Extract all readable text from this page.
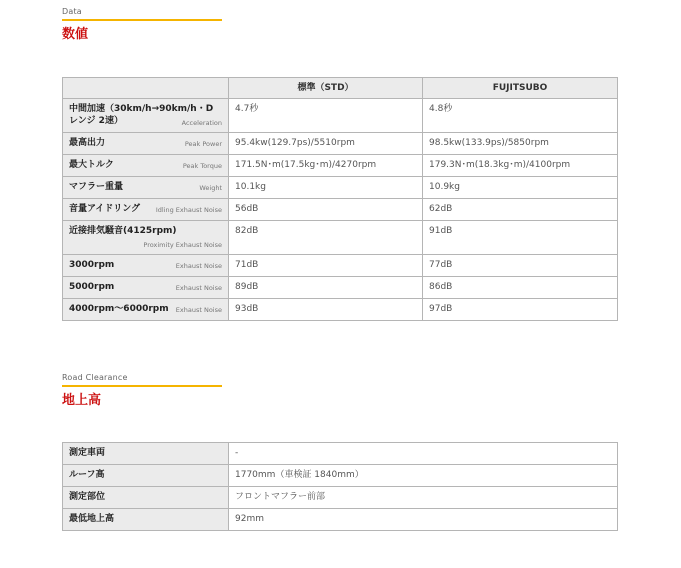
Data
数値
	標準（STD）	FUJITSUBO

中間加速（30km/h→90km/h・Dレンジ 2速） Acceleration	4.7秒	4.8秒

最高出力 Peak Power	95.4kw(129.7ps)/5510rpm	98.5kw(133.9ps)/5850rpm

最大トルク Peak Torque	171.5N･m(17.5kg･m)/4270rpm	179.3N･m(18.3kg･m)/4100rpm

マフラー重量 Weight	10.1kg	10.9kg

音量アイドリング Idling Exhaust Noise	56dB	62dB

近接排気騒音(4125rpm)
Proximity Exhaust Noise	82dB	91dB

3000rpm Exhaust Noise	71dB	77dB

5000rpm Exhaust Noise	89dB	86dB

4000rpm〜6000rpm Exhaust Noise	93dB	97dB
Road Clearance
地上高
測定車両	-
ルーフ高	1770mm（車検証 1840mm）
測定部位	フロントマフラー前部
最低地上高	92mm
